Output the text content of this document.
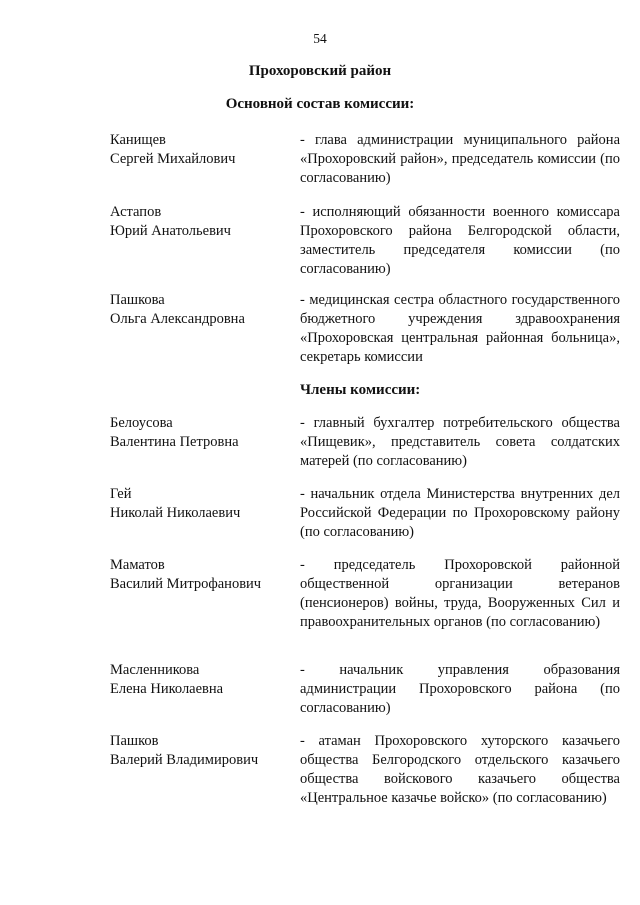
54
Прохоровский район
Основной состав комиссии:
Канищев
Сергей Михайлович
- глава администрации муниципального района «Прохоровский район», председатель комиссии (по согласованию)
Астапов
Юрий Анатольевич
- исполняющий обязанности военного комиссара Прохоровского района Белгородской области, заместитель председателя комиссии (по согласованию)
Пашкова
Ольга Александровна
- медицинская сестра областного государственного бюджетного учреждения здравоохранения «Прохоровская центральная районная больница», секретарь комиссии
Члены комиссии:
Белоусова
Валентина Петровна
- главный бухгалтер потребительского общества «Пищевик», представитель совета солдатских матерей (по согласованию)
Гей
Николай Николаевич
- начальник отдела Министерства внутренних дел Российской Федерации по Прохоровскому району (по согласованию)
Маматов
Василий Митрофанович
- председатель Прохоровской районной общественной организации ветеранов (пенсионеров) войны, труда, Вооруженных Сил и правоохранительных органов (по согласованию)
Масленникова
Елена Николаевна
- начальник управления образования администрации Прохоровского района (по согласованию)
Пашков
Валерий Владимирович
- атаман Прохоровского хуторского казачьего общества Белгородского отдельского казачьего общества войскового казачьего общества «Центральное казачье войско» (по согласованию)
